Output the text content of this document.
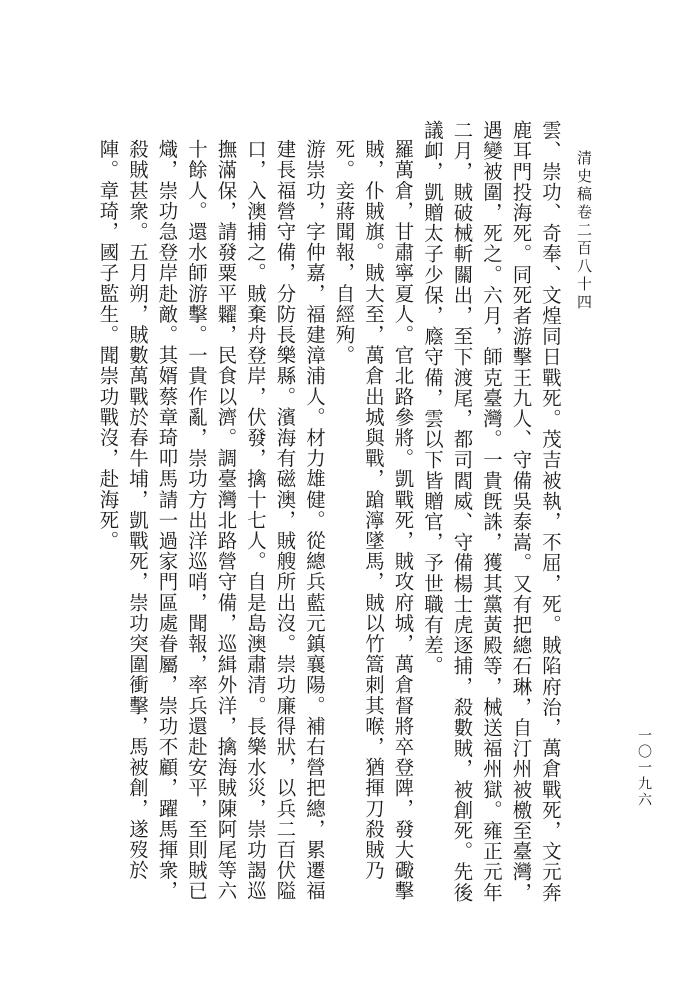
清史稿卷二百八十四
一〇一九六

雲、崇功、奇奉、文煌同日戰死。茂吉被執，不屈，死。賊陷府治，萬倉戰死，文元奔鹿耳門投海死。同死者游擊王九人、守備吳泰嵩。又有把總石琳，自汀州被檄至臺灣，遇變被圍，死之。六月，師克臺灣。一貴旣誅，獲其黨黃殿等，械送福州獄。雍正元年二月，賊破械斬關出，至下渡尾，都司閻威、守備楊士虎逐捕，殺數賊，被創死。先後議卹，凱贈太子少保，廕守備，雲以下皆贈官，予世職有差。

羅萬倉，甘肅寧夏人。官北路參將。凱戰死，賊攻府城，萬倉督將卒登陴，發大礮擊賊，仆賊旗。賊大至，萬倉出城與戰，蹌濘墜馬，賊以竹篙刺其喉，猶揮刀殺賊乃死。妾蔣聞報，自經殉。

游崇功，字仲嘉，福建漳浦人。材力雄健。從總兵藍元鎮襄陽。補右營把總，累遷福建長福營守備，分防長樂縣。濱海有磁澳，賊艘所出沒。崇功廉得狀，以兵二百伏隘口，入澳捕之。賊棄舟登岸，伏發，擒十七人。自是島澳肅清。長樂水災，崇功謁巡撫滿保，請發粟平糶，民食以濟。調臺灣北路營守備，巡緝外洋，擒海賊陳阿尾等六十餘人。還水師游擊。一貴作亂，崇功方出洋巡哨，聞報，率兵還赴安平，至則賊已熾，崇功急登岸赴敵。其婿蔡章琦叩馬請一過家門區處眷屬，崇功不顧，躍馬揮衆，殺賊甚衆。五月朔，賊數萬戰於春牛埔，凱戰死，崇功突圍衝擊，馬被創，遂歿於陣。章琦，國子監生。聞崇功戰沒，赴海死。
